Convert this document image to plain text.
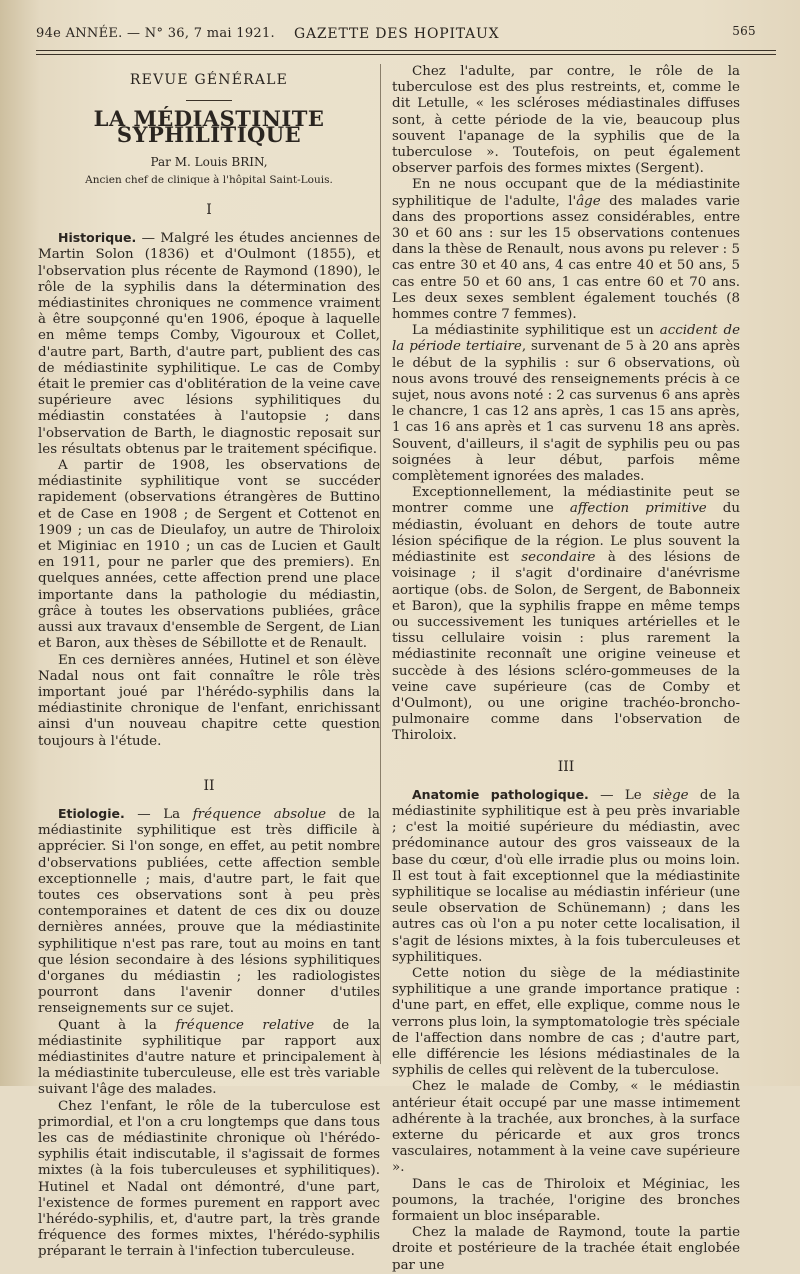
94e ANNÉE. — N° 36, 7 mai 1921. GAZETTE DES HOPITAUX	565
REVUE GÉNÉRALE
LA MÉDIASTINITE SYPHILITIQUE
Par M. Louis BRIN,
Ancien chef de clinique à l'hôpital Saint-Louis.
I

Historique. — Malgré les études anciennes de Martin Solon (1836) et d'Oulmont (1855), et l'observation plus récente de Raymond (1890), le rôle de la syphilis dans la détermination des médiastinites chroniques ne commence vraiment à être soupçonné qu'en 1906, époque à laquelle en même temps Comby, Vigouroux et Collet, d'autre part, Barth, d'autre part, publient des cas de médiastinite syphilitique. Le cas de Comby était le premier cas d'oblitération de la veine cave supérieure avec lésions syphilitiques du médiastin constatées à l'autopsie ; dans l'observation de Barth, le diagnostic reposait sur les résultats obtenus par le traitement spécifique.

A partir de 1908, les observations de médiastinite syphilitique vont se succéder rapidement (observations étrangères de Buttino et de Case en 1908 ; de Sergent et Cottenot en 1909 ; un cas de Dieulafoy, un autre de Thiroloix et Miginiac en 1910 ; un cas de Lucien et Gault en 1911, pour ne parler que des premiers). En quelques années, cette affection prend une place importante dans la pathologie du médiastin, grâce à toutes les observations publiées, grâce aussi aux travaux d'ensemble de Sergent, de Lian et Baron, aux thèses de Sébillotte et de Renault.

En ces dernières années, Hutinel et son élève Nadal nous ont fait connaître le rôle très important joué par l'hérédo-syphilis dans la médiastinite chronique de l'enfant, enrichissant ainsi d'un nouveau chapitre cette question toujours à l'étude.

II

Etiologie. — La fréquence absolue de la médiastinite syphilitique est très difficile à apprécier. Si l'on songe, en effet, au petit nombre d'observations publiées, cette affection semble exceptionnelle ; mais, d'autre part, le fait que toutes ces observations sont à peu près contemporaines et datent de ces dix ou douze dernières années, prouve que la médiastinite syphilitique n'est pas rare, tout au moins en tant que lésion secondaire à des lésions syphilitiques d'organes du médiastin ; les radiologistes pourront dans l'avenir donner d'utiles renseignements sur ce sujet.

Quant à la fréquence relative de la médiastinite syphilitique par rapport aux médiastinites d'autre nature et principalement à la médiastinite tuberculeuse, elle est très variable suivant l'âge des malades.

Chez l'enfant, le rôle de la tuberculose est primordial, et l'on a cru longtemps que dans tous les cas de médiastinite chronique où l'hérédo-syphilis était indiscutable, il s'agissait de formes mixtes (à la fois tuberculeuses et syphilitiques). Hutinel et Nadal ont démontré, d'une part, l'existence de formes purement en rapport avec l'hérédo-syphilis, et, d'autre part, la très grande fréquence des formes mixtes, l'hérédo-syphilis préparant le terrain à l'infection tuberculeuse.

Chez l'adulte, par contre, le rôle de la tuberculose est des plus restreints, et, comme le dit Letulle, « les scléroses médiastinales diffuses sont, à cette période de la vie, beaucoup plus souvent l'apanage de la syphilis que de la tuberculose ». Toutefois, on peut également observer parfois des formes mixtes (Sergent).

En ne nous occupant que de la médiastinite syphilitique de l'adulte, l'âge des malades varie dans des proportions assez considérables, entre 30 et 60 ans : sur les 15 observations contenues dans la thèse de Renault, nous avons pu relever : 5 cas entre 30 et 40 ans, 4 cas entre 40 et 50 ans, 5 cas entre 50 et 60 ans, 1 cas entre 60 et 70 ans. Les deux sexes semblent également touchés (8 hommes contre 7 femmes).

La médiastinite syphilitique est un accident de la période tertiaire, survenant de 5 à 20 ans après le début de la syphilis : sur 6 observations, où nous avons trouvé des renseignements précis à ce sujet, nous avons noté : 2 cas survenus 6 ans après le chancre, 1 cas 12 ans après, 1 cas 15 ans après, 1 cas 16 ans après et 1 cas survenu 18 ans après. Souvent, d'ailleurs, il s'agit de syphilis peu ou pas soignées à leur début, parfois même complètement ignorées des malades.

Exceptionnellement, la médiastinite peut se montrer comme une affection primitive du médiastin, évoluant en dehors de toute autre lésion spécifique de la région. Le plus souvent la médiastinite est secondaire à des lésions de voisinage ; il s'agit d'ordinaire d'anévrisme aortique (obs. de Solon, de Sergent, de Babonneix et Baron), que la syphilis frappe en même temps ou successivement les tuniques artérielles et le tissu cellulaire voisin : plus rarement la médiastinite reconnaît une origine veineuse et succède à des lésions scléro-gommeuses de la veine cave supérieure (cas de Comby et d'Oulmont), ou une origine trachéo-broncho-pulmonaire comme dans l'observation de Thiroloix.

III

Anatomie pathologique. — Le siège de la médiastinite syphilitique est à peu près invariable ; c'est la moitié supérieure du médiastin, avec prédominance autour des gros vaisseaux de la base du cœur, d'où elle irradie plus ou moins loin. Il est tout à fait exceptionnel que la médiastinite syphilitique se localise au médiastin inférieur (une seule observation de Schünemann) ; dans les autres cas où l'on a pu noter cette localisation, il s'agit de lésions mixtes, à la fois tuberculeuses et syphilitiques.

Cette notion du siège de la médiastinite syphilitique a une grande importance pratique : d'une part, en effet, elle explique, comme nous le verrons plus loin, la symptomatologie très spéciale de l'affection dans nombre de cas ; d'autre part, elle différencie les lésions médiastinales de la syphilis de celles qui relèvent de la tuberculose.

Chez le malade de Comby, « le médiastin antérieur était occupé par une masse intimement adhérente à la trachée, aux bronches, à la surface externe du péricarde et aux gros troncs vasculaires, notamment à la veine cave supérieure ».

Dans le cas de Thiroloix et Méginiac, les poumons, la trachée, l'origine des bronches formaient un bloc inséparable.

Chez la malade de Raymond, toute la partie droite et postérieure de la trachée était englobée par une
